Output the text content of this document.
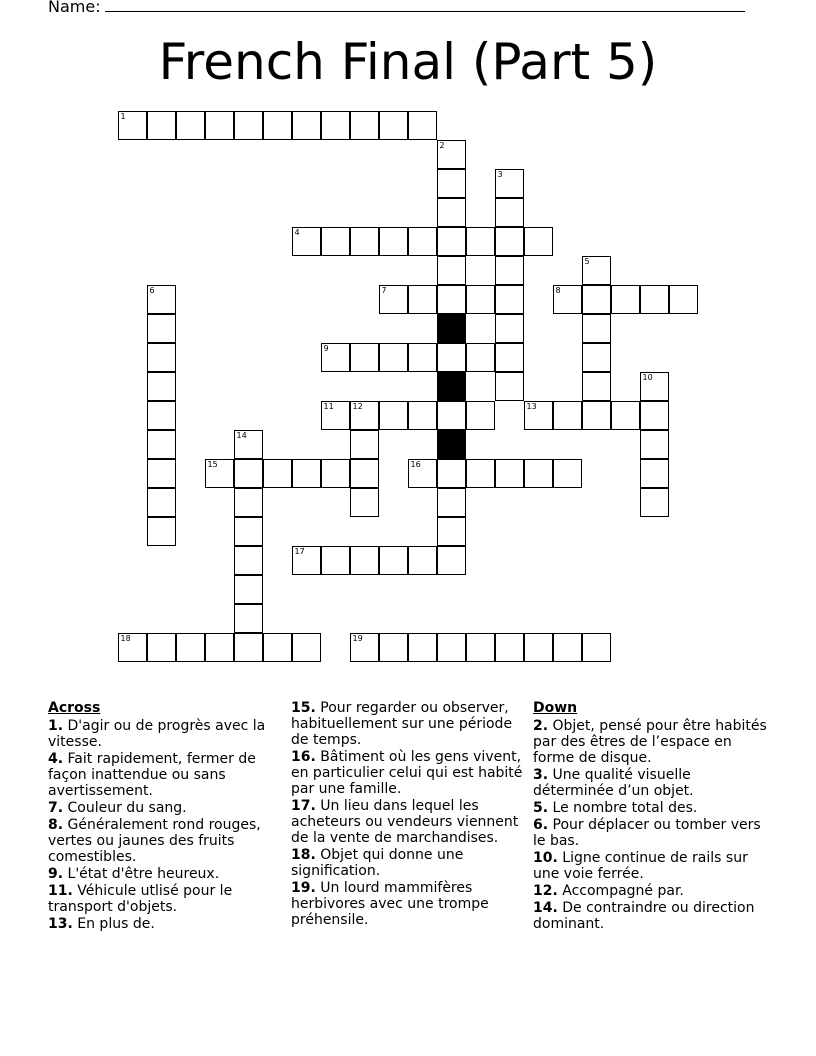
Name:
French Final (Part 5)
1
2
3
4
5
6	7	8
9
10
11 12	13
14
15	16
17
18	19
Across
1. D'agir ou de progrès avec la vitesse.
4. Fait rapidement, fermer de façon inattendue ou sans avertissement.
7. Couleur du sang.
8. Généralement rond rouges, vertes ou jaunes des fruits comestibles.
9. L'état d'être heureux.
11. Véhicule utlisé pour le transport d'objets.
13. En plus de.
15. Pour regarder ou observer, habituellement sur une période de temps.
16. Bâtiment où les gens vivent, en particulier celui qui est habité par une famille.
17. Un lieu dans lequel les acheteurs ou vendeurs viennent de la vente de marchandises.
18. Objet qui donne une signification.
19. Un lourd mammifères herbivores avec une trompe préhensile.
Down
2. Objet, pensé pour être habités par des êtres de l’espace en forme de disque.
3. Une qualité visuelle déterminée d’un objet.
5. Le nombre total des.
6. Pour déplacer ou tomber vers le bas.
10. Ligne continue de rails sur une voie ferrée.
12. Accompagné par.
14. De contraindre ou direction dominant.
